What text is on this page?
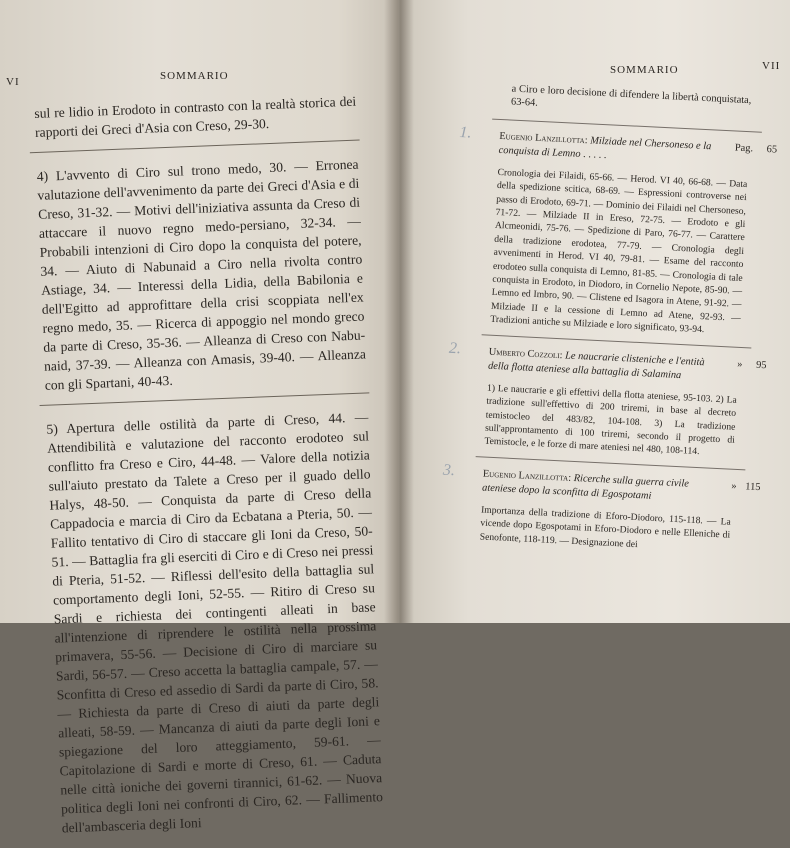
VI	SOMMARIO

sul re lidio in Erodoto in contrasto con la realtà storica dei rapporti dei Greci d'Asia con Creso, 29-30.

4) L'avvento di Ciro sul trono medo, 30. — Erronea valutazione dell'avvenimento da parte dei Greci d'Asia e di Creso, 31-32. — Motivi dell'iniziativa assunta da Creso di attaccare il nuovo regno medo-persiano, 32-34. — Probabili intenzioni di Ciro dopo la conquista del potere, 34. — Aiuto di Nabunaid a Ciro nella rivolta contro Astiage, 34. — Interessi della Lidia, della Babilonia e dell'Egitto ad approfittare della crisi scoppiata nell'ex regno medo, 35. — Ricerca di appoggio nel mondo greco da parte di Creso, 35-36. — Alleanza di Creso con Nabu-naid, 37-39. — Alleanza con Amasis, 39-40. — Alleanza con gli Spartani, 40-43.

5) Apertura delle ostilità da parte di Creso, 44. — Attendibilità e valutazione del racconto erodoteo sul conflitto fra Creso e Ciro, 44-48. — Valore della notizia sull'aiuto prestato da Talete a Creso per il guado dello Halys, 48-50. — Conquista da parte di Creso della Cappadocia e marcia di Ciro da Ecbatana a Pteria, 50. — Fallito tentativo di Ciro di staccare gli Ioni da Creso, 50-51. — Battaglia fra gli eserciti di Ciro e di Creso nei pressi di Pteria, 51-52. — Riflessi dell'esito della battaglia sul comportamento degli Ioni, 52-55. — Ritiro di Creso su Sardi e richiesta dei contingenti alleati in base all'intenzione di riprendere le ostilità nella prossima primavera, 55-56. — Decisione di Ciro di marciare su Sardi, 56-57. — Creso accetta la battaglia campale, 57. — Sconfitta di Creso ed assedio di Sardi da parte di Ciro, 58. — Richiesta da parte di Creso di aiuti da parte degli alleati, 58-59. — Mancanza di aiuti da parte degli Ioni e spiegazione del loro atteggiamento, 59-61. — Capitolazione di Sardi e morte di Creso, 61. — Caduta nelle città ioniche dei governi tirannici, 61-62. — Nuova politica degli Ioni nei confronti di Ciro, 62. — Fallimento dell'ambasceria degli Ioni

SOMMARIO	VII

a Ciro e loro decisione di difendere la libertà conquistata, 63-64.

1.	Eugenio Lanzillotta: Milziade nel Chersoneso e la conquista di Lemno . . . . .
Pag. 65
Cronologia dei Filaidi, 65-66. — Herod. VI 40, 66-68. — Data della spedizione scitica, 68-69. — Espressioni controverse nei passo di Erodoto, 69-71. — Dominio dei Filaidi nel Chersoneso, 71-72. — Milziade II in Ereso, 72-75. — Erodoto e gli Alcmeonidi, 75-76. — Spedizione di Paro, 76-77. — Carattere della tradizione erodotea, 77-79. — Cronologia degli avvenimenti in Herod. VI 40, 79-81. — Esame del racconto erodoteo sulla conquista di Lemno, 81-85. — Cronologia di tale conquista in Erodoto, in Diodoro, in Cornelio Nepote, 85-90. — Lemno ed Imbro, 90. — Clistene ed Isagora in Atene, 91-92. — Milziade II e la cessione di Lemno ad Atene, 92-93. — Tradizioni antiche su Milziade e loro significato, 93-94.
2.	Umberto Cozzoli: Le naucrarie clisteniche e l'entità della flotta ateniese alla battaglia di Salamina	» 95
1) Le naucrarie e gli effettivi della flotta ateniese, 95-103. 2) La tradizione sull'effettivo di 200 triremi, in base al decreto temistocleo del 483/82, 104-108. 3) La tradizione sull'approntamento di 100 triremi, secondo il progetto di Temistocle, e le forze di mare ateniesi nel 480, 108-114.
3.	Eugenio Lanzillotta: Ricerche sulla guerra civile ateniese dopo la sconfitta di Egospotami	» 115
Importanza della tradizione di Eforo-Diodoro, 115-118. — La vicende dopo Egospotami in Eforo-Diodoro e nelle Elleniche di Senofonte, 118-119. — Designazione dei
